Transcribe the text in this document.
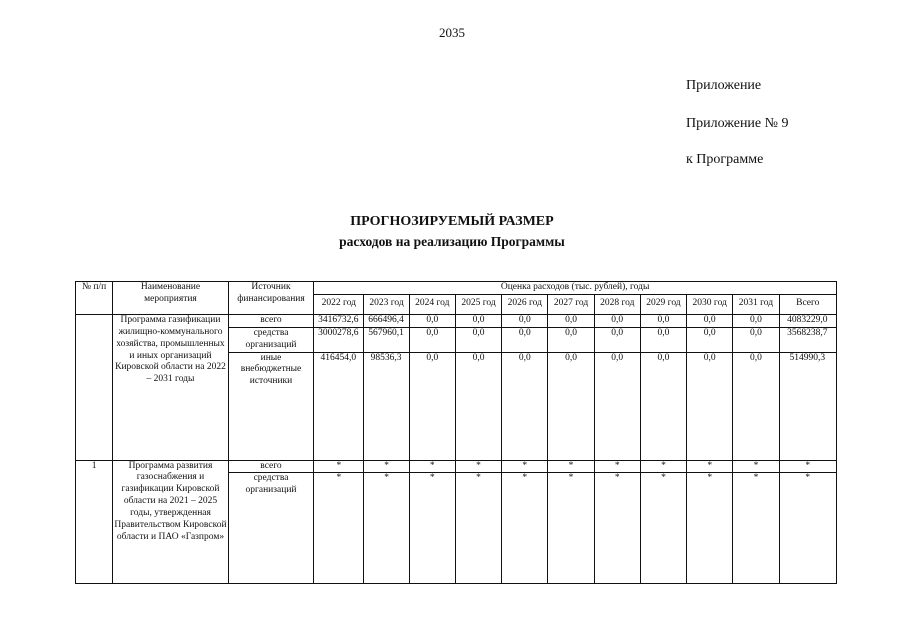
2035
Приложение
Приложение № 9
к Программе
ПРОГНОЗИРУЕМЫЙ РАЗМЕР
расходов на реализацию Программы
№ п/п	Наименование мероприятия	Источник финансирования	Оценка расходов (тыс. рублей), годы										
			2022 год	2023 год	2024 год	2025 год	2026 год	2027 год	2028 год	2029 год	2030 год	2031 год	Всего
	Программа газификации жилищно-коммунального хозяйства, промышленных и иных организаций Кировской области на 2022 – 2031 годы	всего	3416732,6	666496,4	0,0	0,0	0,0	0,0	0,0	0,0	0,0	0,0	4083229,0
		средства организаций	3000278,6	567960,1	0,0	0,0	0,0	0,0	0,0	0,0	0,0	0,0	3568238,7
		иные внебюджетные источники	416454,0	98536,3	0,0	0,0	0,0	0,0	0,0	0,0	0,0	0,0	514990,3
1	Программа развития газоснабжения и газификации Кировской области на 2021 – 2025 годы, утвержденная Правительством Кировской области и ПАО «Газпром»	всего	*	*	*	*	*	*	*	*	*	*	*
		средства организаций	*	*	*	*	*	*	*	*	*	*	*
